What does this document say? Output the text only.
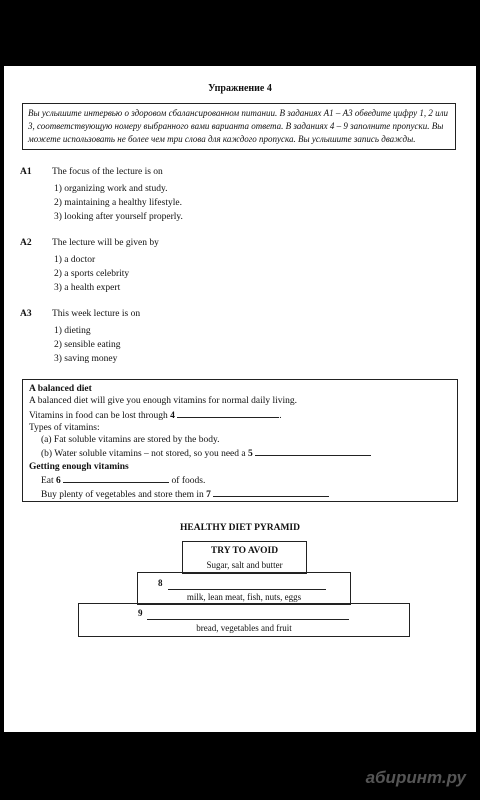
Упражнение 4
Вы услышите интервью о здоровом сбалансированном питании. В заданиях А1 – А3 обведите цифру 1, 2 или 3, соответствующую номеру выбранного вами варианта ответа. В заданиях 4 – 9 заполните пропуски. Вы можете использовать не более чем три слова для каждого пропуска. Вы услышите запись дважды.
A1 The focus of the lecture is on
1) organizing work and study.
2) maintaining a healthy lifestyle.
3) looking after yourself properly.
A2 The lecture will be given by
1) a doctor
2) a sports celebrity
3) a health expert
A3 This week lecture is on
1) dieting
2) sensible eating
3) saving money
A balanced diet
A balanced diet will give you enough vitamins for normal daily living.
Vitamins in food can be lost through 4	.
Types of vitamins:
(a) Fat soluble vitamins are stored by the body.
(b) Water soluble vitamins – not stored, so you need a 5
Getting enough vitamins
Eat 6	of foods.
Buy plenty of vegetables and store them in 7
HEALTHY DIET PYRAMID
TRY TO AVOID
Sugar, salt and butter
8
milk, lean meat, fish, nuts, eggs
9
bread, vegetables and fruit
абиринт.ру
